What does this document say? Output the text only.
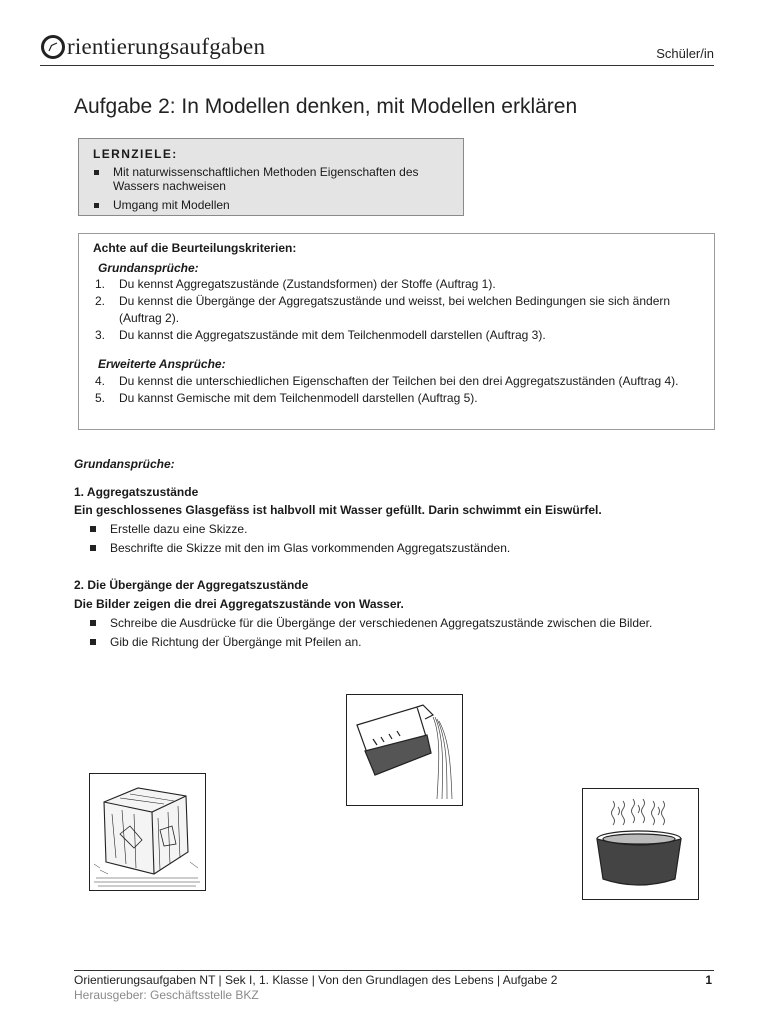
rientierungsaufgaben	Schüler/in
Aufgabe 2: In Modellen denken, mit Modellen erklären
LERNZIELE:
Mit naturwissenschaftlichen Methoden Eigenschaften des Wassers nachweisen
Umgang mit Modellen
Achte auf die Beurteilungskriterien:
Grundansprüche:
1.	Du kennst Aggregatszustände (Zustandsformen) der Stoffe (Auftrag 1).
2.	Du kennst die Übergänge der Aggregatszustände und weisst, bei welchen Bedingungen sie sich ändern (Auftrag 2).
3.	Du kannst die Aggregatszustände mit dem Teilchenmodell darstellen (Auftrag 3).
Erweiterte Ansprüche:
4.	Du kennst die unterschiedlichen Eigenschaften der Teilchen bei den drei Aggregatszuständen (Auftrag 4).
5.	Du kannst Gemische mit dem Teilchenmodell darstellen (Auftrag 5).
Grundansprüche:
1. Aggregatszustände
Ein geschlossenes Glasgefäss ist halbvoll mit Wasser gefüllt. Darin schwimmt ein Eiswürfel.
Erstelle dazu eine Skizze.
Beschrifte die Skizze mit den im Glas vorkommenden Aggregatszuständen.
2. Die Übergänge der Aggregatszustände
Die Bilder zeigen die drei Aggregatszustände von Wasser.
Schreibe die Ausdrücke für die Übergänge der verschiedenen Aggregatszustände zwischen die Bilder.
Gib die Richtung der Übergänge mit Pfeilen an.
Orientierungsaufgaben NT | Sek I, 1. Klasse | Von den Grundlagen des Lebens | Aufgabe 2	1
Herausgeber: Geschäftsstelle BKZ
